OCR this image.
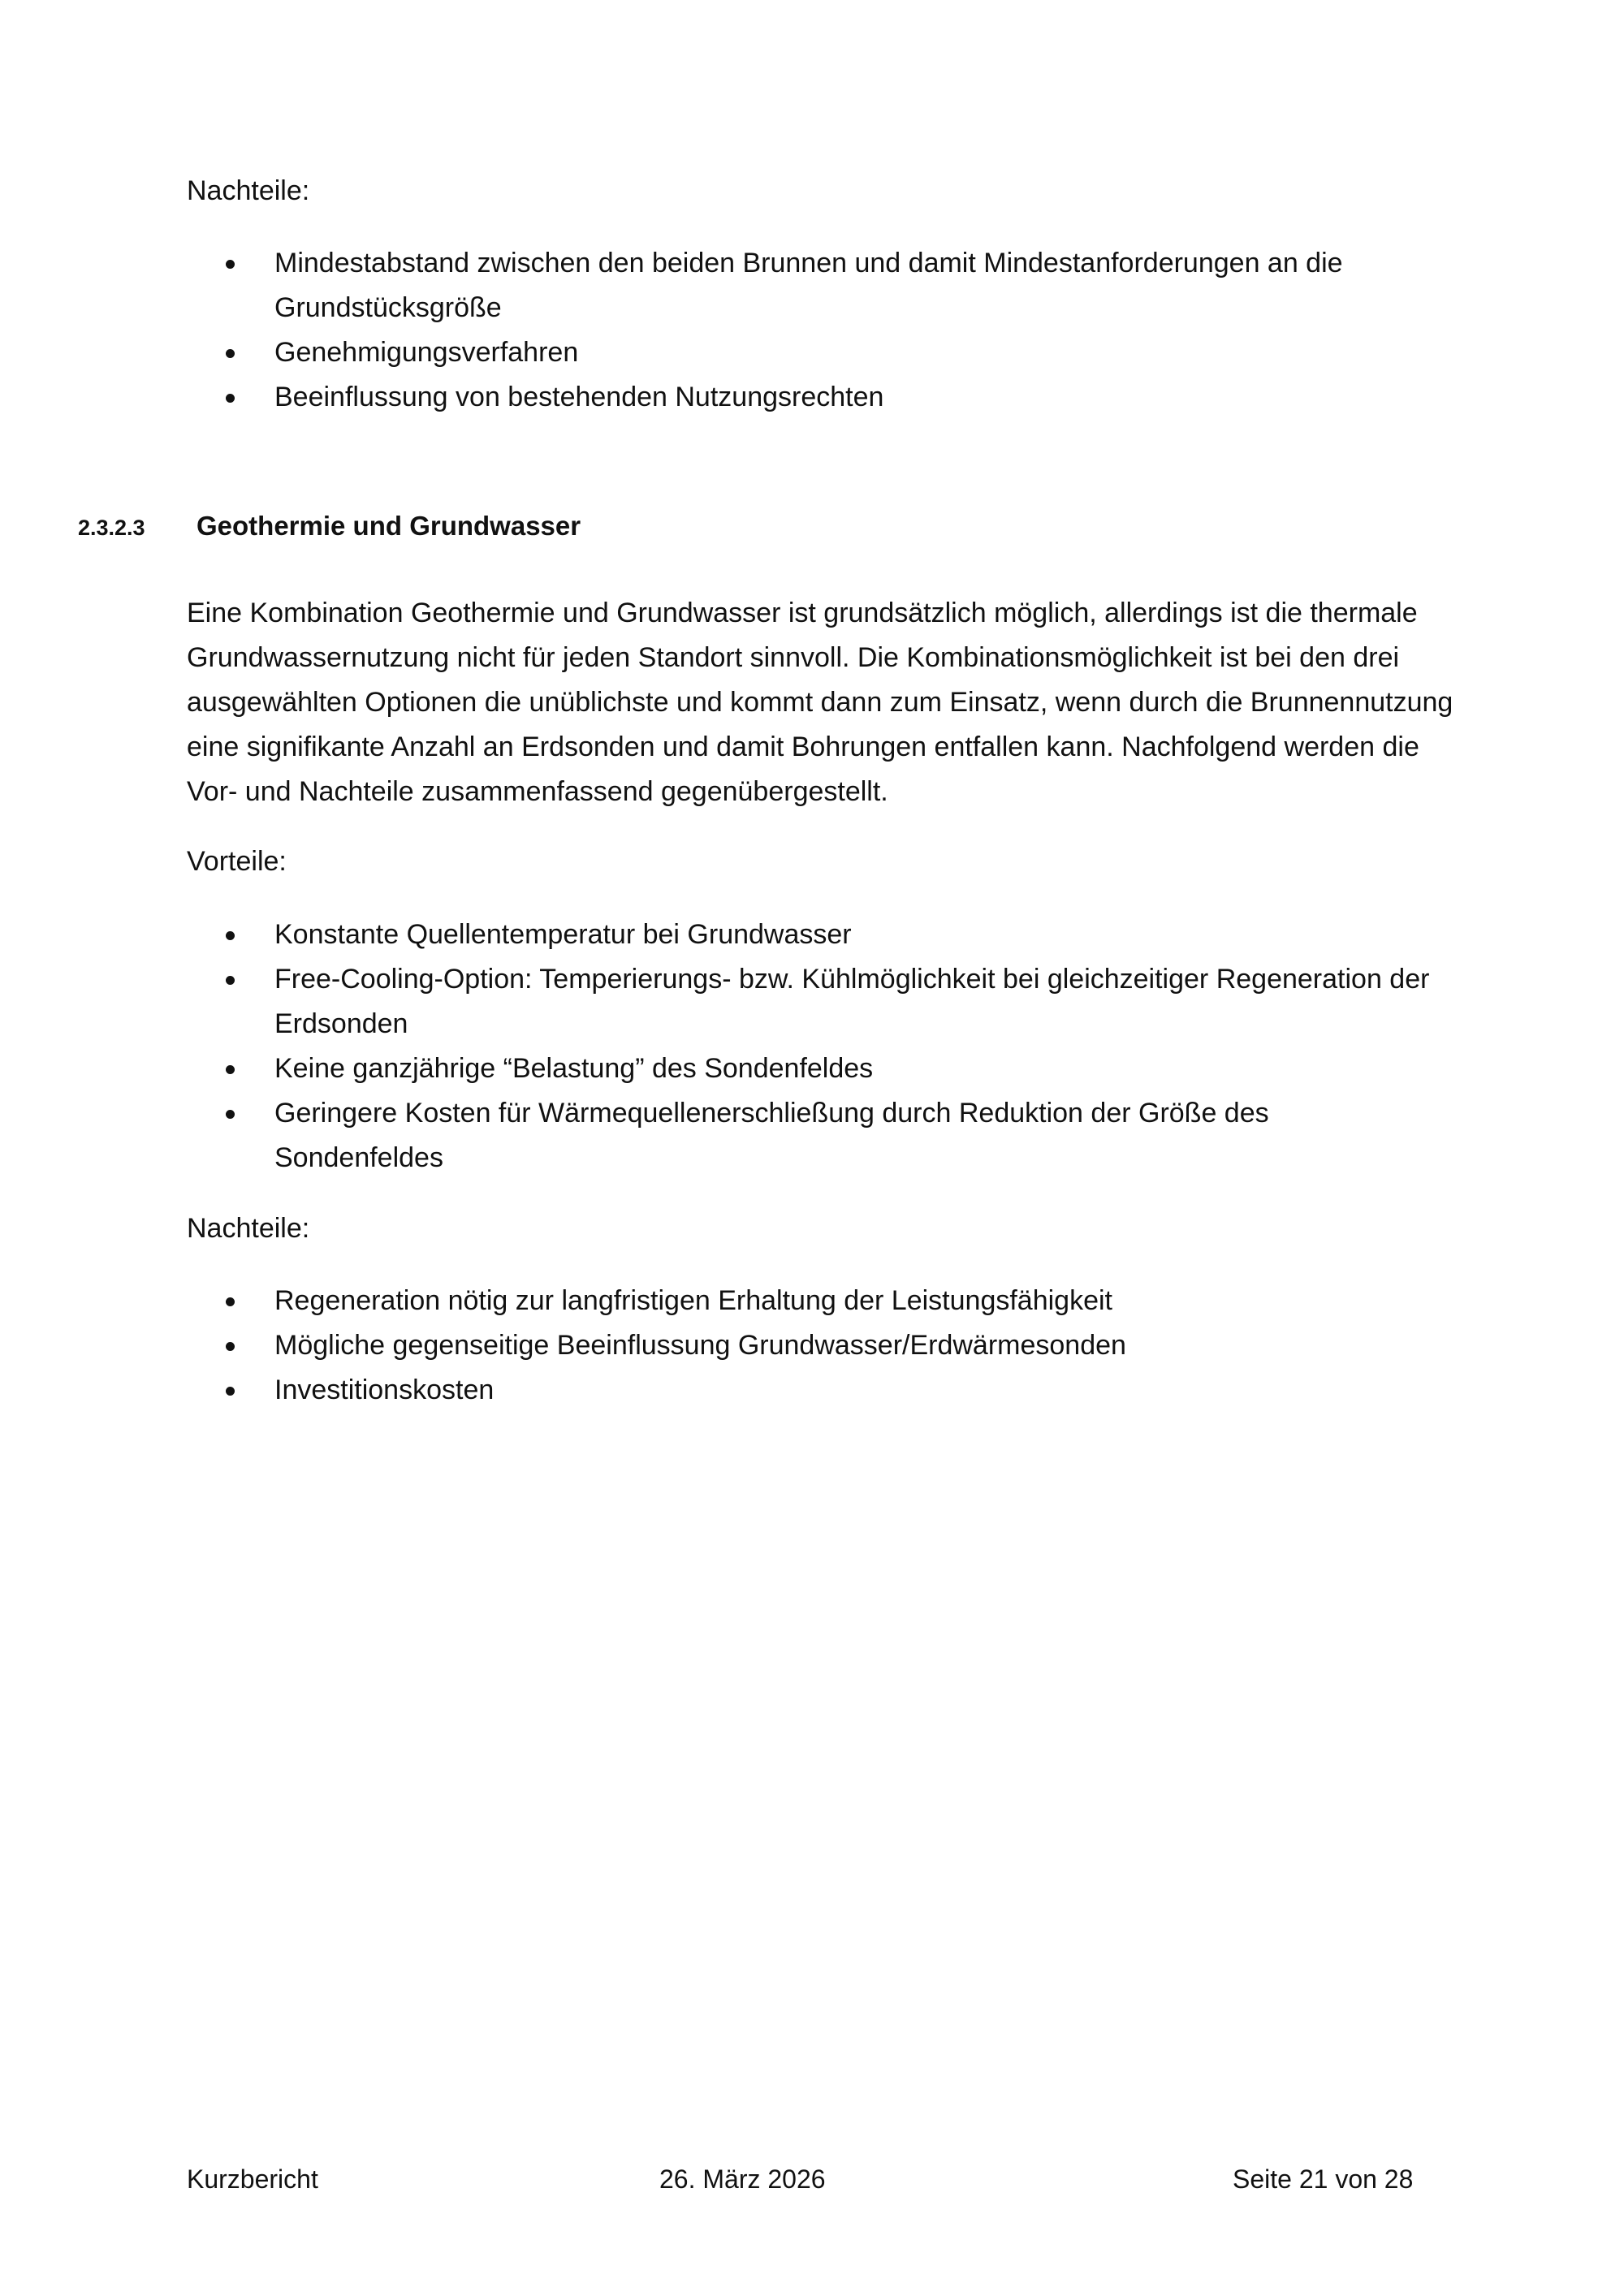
Nachteile:

Mindestabstand zwischen den beiden Brunnen und damit Mindestanforderungen an die Grundstücksgröße
Genehmigungsverfahren
Beeinflussung von bestehenden Nutzungsrechten
2.3.2.3 Geothermie und Grundwasser

Eine Kombination Geothermie und Grundwasser ist grundsätzlich möglich, allerdings ist die thermale Grundwassernutzung nicht für jeden Standort sinnvoll. Die Kombinationsmöglichkeit ist bei den drei ausgewählten Optionen die unüblichste und kommt dann zum Einsatz, wenn durch die Brunnennutzung eine signifikante Anzahl an Erdsonden und damit Bohrungen entfallen kann. Nachfolgend werden die Vor- und Nachteile zusammenfassend gegenübergestellt.

Vorteile:

Konstante Quellentemperatur bei Grundwasser
Free-Cooling-Option: Temperierungs- bzw. Kühlmöglichkeit bei gleichzeitiger Regeneration der Erdsonden
Keine ganzjährige “Belastung” des Sondenfeldes
Geringere Kosten für Wärmequellenerschließung durch Reduktion der Größe des Sondenfeldes

Nachteile:

Regeneration nötig zur langfristigen Erhaltung der Leistungsfähigkeit
Mögliche gegenseitige Beeinflussung Grundwasser/Erdwärmesonden
Investitionskosten
Kurzbericht	26. März 2026	Seite 21 von 28
